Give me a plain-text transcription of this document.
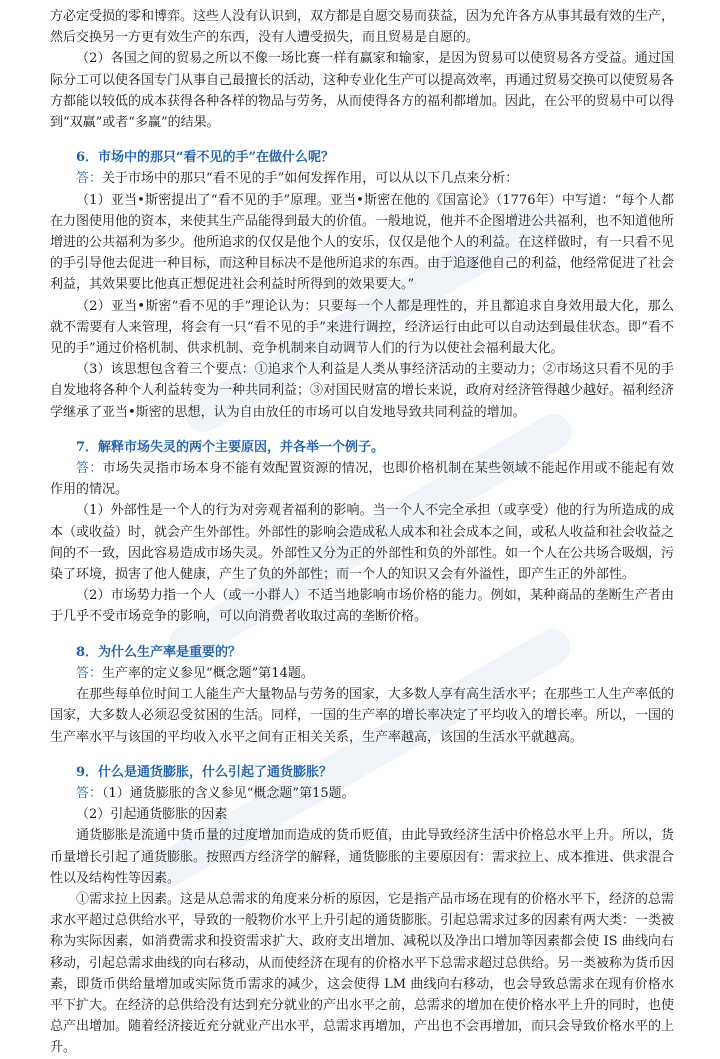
方必定受损的零和博弈。这些人没有认识到，双方都是自愿交易而获益，因为允许各方从事其最有效的生产，然后交换另一方更有效生产的东西，没有人遭受损失，而且贸易是自愿的。

（2）各国之间的贸易之所以不像一场比赛一样有赢家和输家，是因为贸易可以使贸易各方受益。通过国际分工可以使各国专门从事自己最擅长的活动，这种专业化生产可以提高效率，再通过贸易交换可以使贸易各方都能以较低的成本获得各种各样的物品与劳务，从而使得各方的福利都增加。因此，在公平的贸易中可以得到“双赢”或者“多赢”的结果。

6．市场中的那只“看不见的手”在做什么呢？

答：关于市场中的那只“看不见的手”如何发挥作用，可以从以下几点来分析：

（1）亚当•斯密提出了“看不见的手”原理。亚当•斯密在他的《国富论》（1776年）中写道：“每个人都在力图使用他的资本，来使其生产品能得到最大的价值。一般地说，他并不企图增进公共福利，也不知道他所增进的公共福利为多少。他所追求的仅仅是他个人的安乐，仅仅是他个人的利益。在这样做时，有一只看不见的手引导他去促进一种目标，而这种目标决不是他所追求的东西。由于追逐他自己的利益，他经常促进了社会利益，其效果要比他真正想促进社会利益时所得到的效果要大。”

（2）亚当•斯密“看不见的手”理论认为：只要每一个人都是理性的，并且都追求自身效用最大化，那么就不需要有人来管理，将会有一只“看不见的手”来进行调控，经济运行由此可以自动达到最佳状态。即“看不见的手”通过价格机制、供求机制、竞争机制来自动调节人们的行为以使社会福利最大化。

（3）该思想包含着三个要点：①追求个人利益是人类从事经济活动的主要动力；②市场这只看不见的手自发地将各种个人利益转变为一种共同利益；③对国民财富的增长来说，政府对经济管得越少越好。福利经济学继承了亚当•斯密的思想，认为自由放任的市场可以自发地导致共同利益的增加。

7．解释市场失灵的两个主要原因，并各举一个例子。

答：市场失灵指市场本身不能有效配置资源的情况，也即价格机制在某些领域不能起作用或不能起有效作用的情况。

（1）外部性是一个人的行为对旁观者福利的影响。当一个人不完全承担（或享受）他的行为所造成的成本（或收益）时，就会产生外部性。外部性的影响会造成私人成本和社会成本之间，或私人收益和社会收益之间的不一致，因此容易造成市场失灵。外部性又分为正的外部性和负的外部性。如一个人在公共场合吸烟，污染了环境，损害了他人健康，产生了负的外部性；而一个人的知识又会有外溢性，即产生正的外部性。

（2）市场势力指一个人（或一小群人）不适当地影响市场价格的能力。例如，某种商品的垄断生产者由于几乎不受市场竞争的影响，可以向消费者收取过高的垄断价格。

8．为什么生产率是重要的？

答：生产率的定义参见“概念题”第14题。

在那些每单位时间工人能生产大量物品与劳务的国家，大多数人享有高生活水平；在那些工人生产率低的国家，大多数人必须忍受贫困的生活。同样，一国的生产率的增长率决定了平均收入的增长率。所以，一国的生产率水平与该国的平均收入水平之间有正相关关系，生产率越高，该国的生活水平就越高。

9．什么是通货膨胀，什么引起了通货膨胀？

答：（1）通货膨胀的含义参见“概念题”第15题。

（2）引起通货膨胀的因素

通货膨胀是流通中货币量的过度增加而造成的货币贬值，由此导致经济生活中价格总水平上升。所以，货币量增长引起了通货膨胀。按照西方经济学的解释，通货膨胀的主要原因有：需求拉上、成本推进、供求混合性以及结构性等因素。

①需求拉上因素。这是从总需求的角度来分析的原因，它是指产品市场在现有的价格水平下，经济的总需求水平超过总供给水平，导致的一般物价水平上升引起的通货膨胀。引起总需求过多的因素有两大类：一类被称为实际因素，如消费需求和投资需求扩大、政府支出增加、减税以及净出口增加等因素都会使 IS 曲线向右移动，引起总需求曲线的向右移动，从而使经济在现有的价格水平下总需求超过总供给。另一类被称为货币因素，即货币供给量增加或实际货币需求的减少，这会使得 LM 曲线向右移动，也会导致总需求在现有价格水平下扩大。在经济的总供给没有达到充分就业的产出水平之前，总需求的增加在使价格水平上升的同时，也使总产出增加。随着经济接近充分就业产出水平，总需求再增加，产出也不会再增加，而只会导致价格水平的上升。
